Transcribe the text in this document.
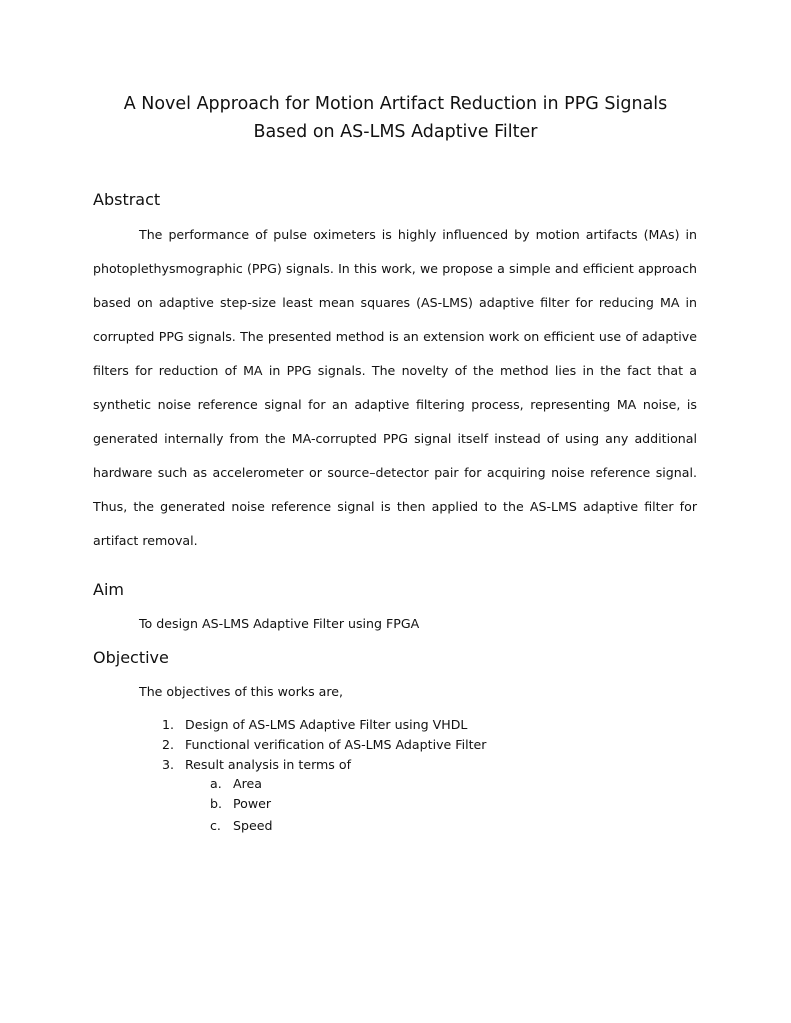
A Novel Approach for Motion Artifact Reduction in PPG Signals
Based on AS-LMS Adaptive Filter
Abstract

The performance of pulse oximeters is highly influenced by motion artifacts (MAs) in photoplethysmographic (PPG) signals. In this work, we propose a simple and efficient approach based on adaptive step-size least mean squares (AS-LMS) adaptive filter for reducing MA in corrupted PPG signals. The presented method is an extension work on efficient use of adaptive filters for reduction of MA in PPG signals. The novelty of the method lies in the fact that a synthetic noise reference signal for an adaptive filtering process, representing MA noise, is generated internally from the MA-corrupted PPG signal itself instead of using any additional hardware such as accelerometer or source–detector pair for acquiring noise reference signal. Thus, the generated noise reference signal is then applied to the AS-LMS adaptive filter for artifact removal.

Aim

To design AS-LMS Adaptive Filter using FPGA

Objective

The objectives of this works are,

1. Design of AS-LMS Adaptive Filter using VHDL
2. Functional verification of AS-LMS Adaptive Filter
3. Result analysis in terms of
a. Area
b. Power
c. Speed
